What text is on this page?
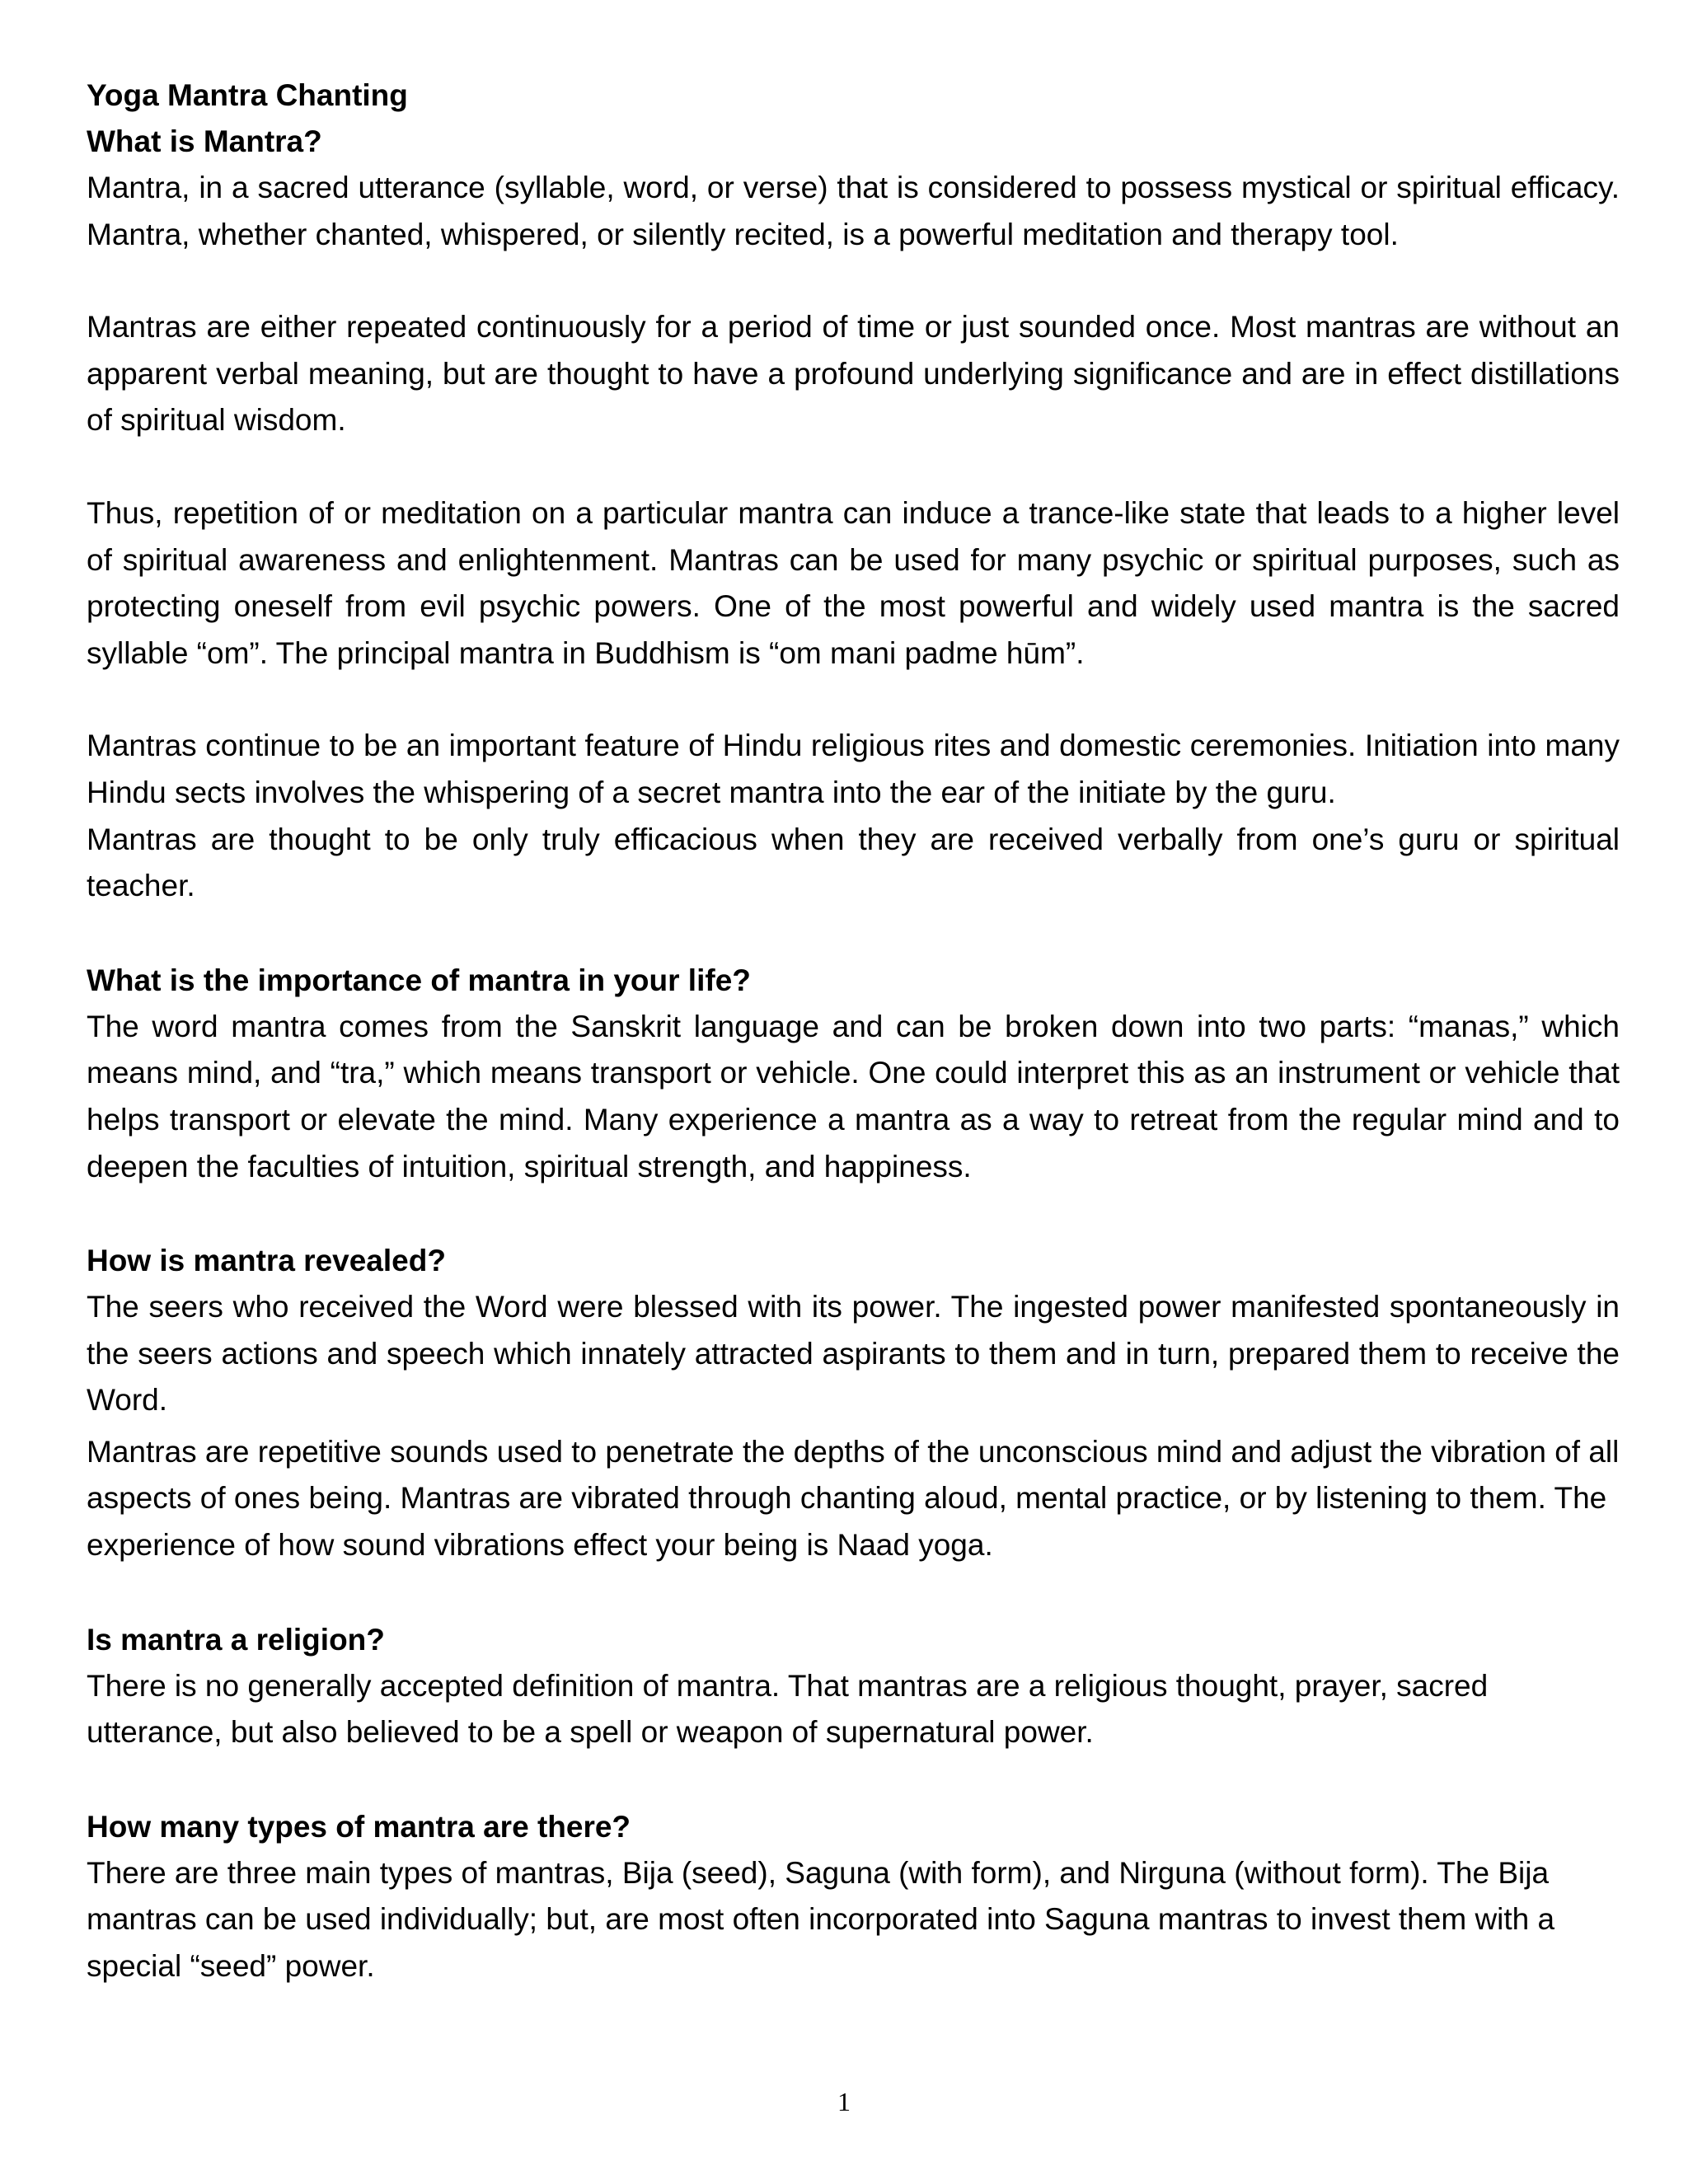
Yoga Mantra Chanting
What is Mantra?

Mantra, in a sacred utterance (syllable, word, or verse) that is considered to possess mystical or spiritual efficacy. Mantra, whether chanted, whispered, or silently recited, is a powerful meditation and therapy tool.

Mantras are either repeated continuously for a period of time or just sounded once. Most mantras are without an apparent verbal meaning, but are thought to have a profound underlying significance and are in effect distillations of spiritual wisdom.

Thus, repetition of or meditation on a particular mantra can induce a trance-like state that leads to a higher level of spiritual awareness and enlightenment. Mantras can be used for many psychic or spiritual purposes, such as protecting oneself from evil psychic powers. One of the most powerful and widely used mantra is the sacred syllable “om”. The principal mantra in Buddhism is “om mani padme hūm”.

Mantras continue to be an important feature of Hindu religious rites and domestic ceremonies. Initiation into many Hindu sects involves the whispering of a secret mantra into the ear of the initiate by the guru.

Mantras are thought to be only truly efficacious when they are received verbally from one’s guru or spiritual teacher.

What is the importance of mantra in your life?

The word mantra comes from the Sanskrit language and can be broken down into two parts: “manas,” which means mind, and “tra,” which means transport or vehicle. One could interpret this as an instrument or vehicle that helps transport or elevate the mind. Many experience a mantra as a way to retreat from the regular mind and to deepen the faculties of intuition, spiritual strength, and happiness.

How is mantra revealed?

The seers who received the Word were blessed with its power. The ingested power manifested spontaneously in the seers actions and speech which innately attracted aspirants to them and in turn, prepared them to receive the Word.

Mantras are repetitive sounds used to penetrate the depths of the unconscious mind and adjust the vibration of all aspects of ones being. Mantras are vibrated through chanting aloud, mental practice, or by listening to them. The experience of how sound vibrations effect your being is Naad yoga.

Is mantra a religion?

There is no generally accepted definition of mantra. That mantras are a religious thought, prayer, sacred utterance, but also believed to be a spell or weapon of supernatural power.

How many types of mantra are there?

There are three main types of mantras, Bija (seed), Saguna (with form), and Nirguna (without form). The Bija mantras can be used individually; but, are most often incorporated into Saguna mantras to invest them with a special “seed” power.

1
